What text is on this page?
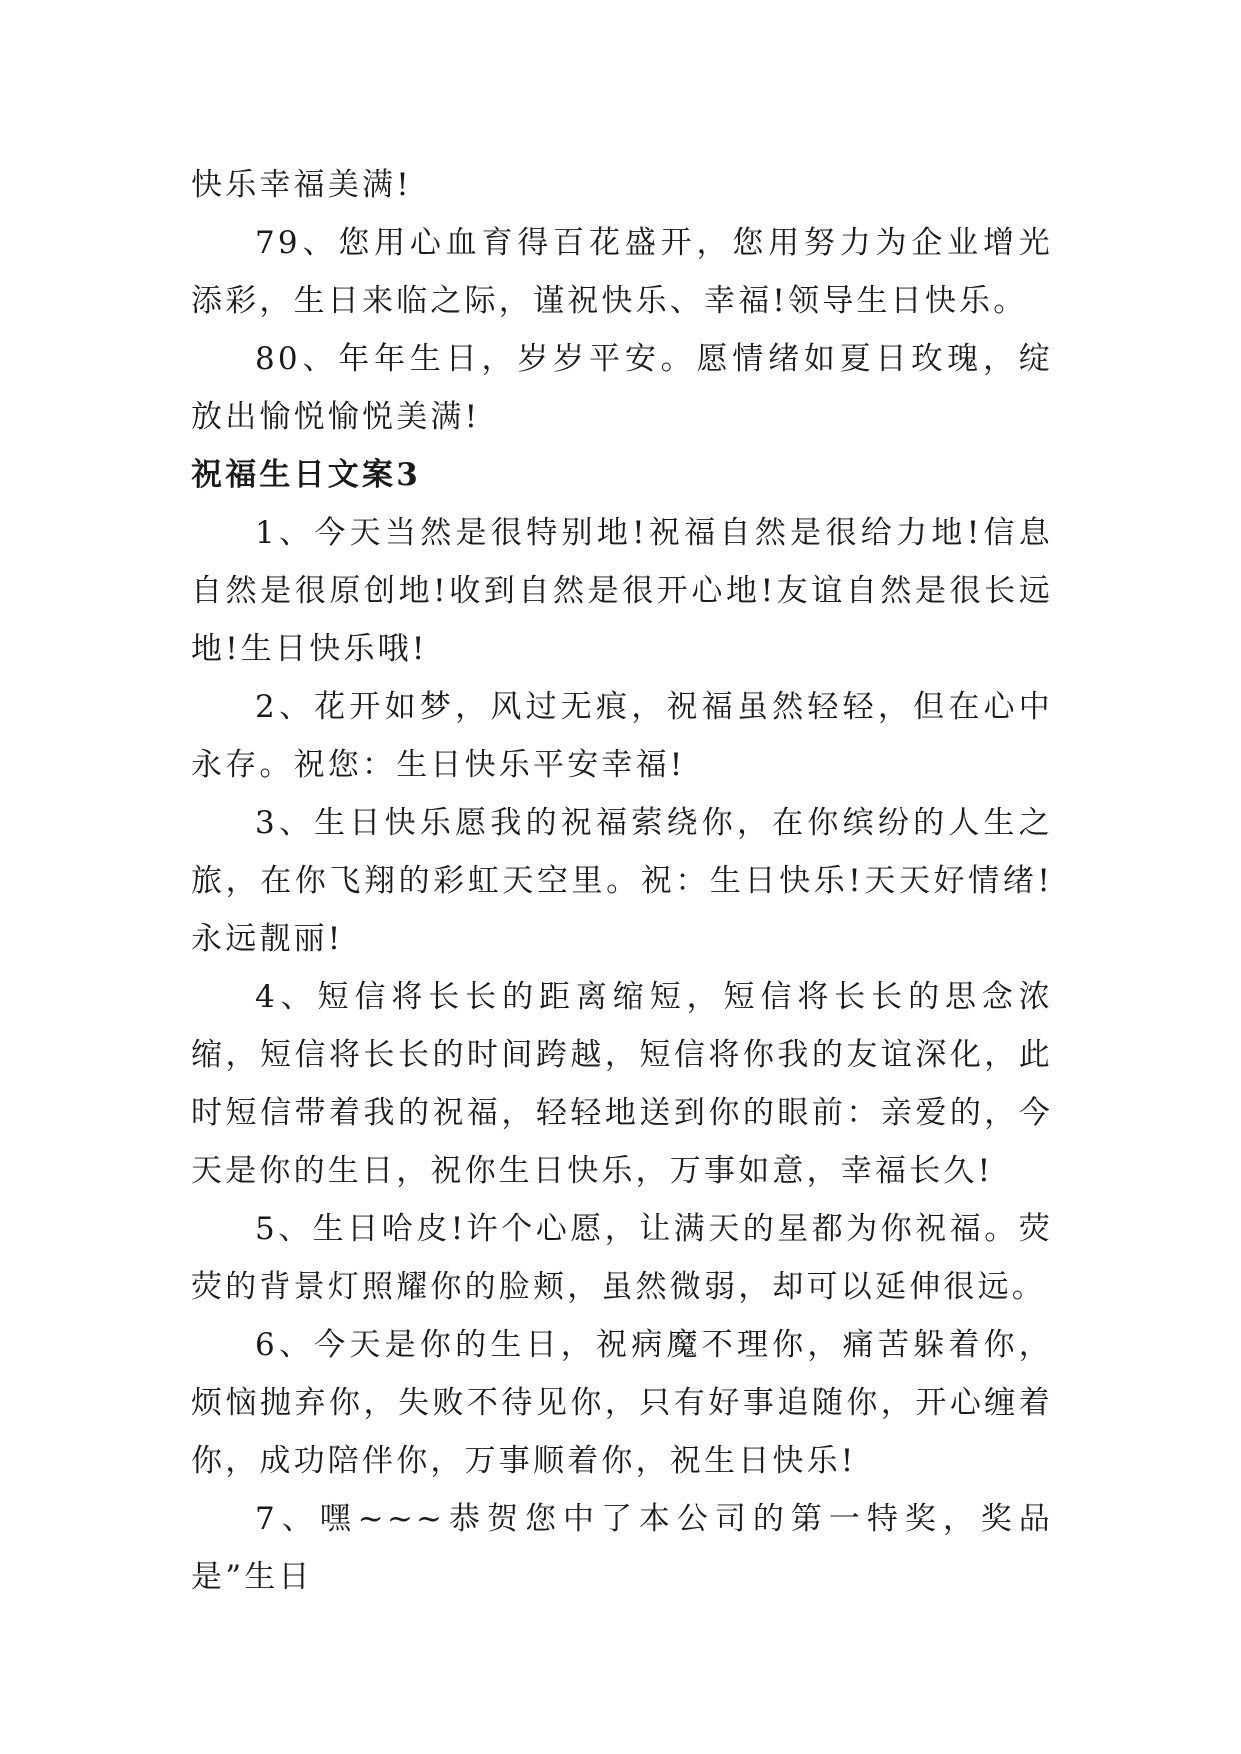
快乐幸福美满!

79、您用心血育得百花盛开，您用努力为企业增光添彩，生日来临之际，谨祝快乐、幸福!领导生日快乐。

80、年年生日，岁岁平安。愿情绪如夏日玫瑰，绽放出愉悦愉悦美满!

祝福生日文案3

1、今天当然是很特别地!祝福自然是很给力地!信息自然是很原创地!收到自然是很开心地!友谊自然是很长远地!生日快乐哦!

2、花开如梦，风过无痕，祝福虽然轻轻，但在心中永存。祝您：生日快乐平安幸福!

3、生日快乐愿我的祝福萦绕你，在你缤纷的人生之旅，在你飞翔的彩虹天空里。祝：生日快乐!天天好情绪!永远靓丽!

4、短信将长长的距离缩短，短信将长长的思念浓缩，短信将长长的时间跨越，短信将你我的友谊深化，此时短信带着我的祝福，轻轻地送到你的眼前：亲爱的，今天是你的生日，祝你生日快乐，万事如意，幸福长久!

5、生日哈皮!许个心愿，让满天的星都为你祝福。荧荧的背景灯照耀你的脸颊，虽然微弱，却可以延伸很远。

6、今天是你的生日，祝病魔不理你，痛苦躲着你，烦恼抛弃你，失败不待见你，只有好事追随你，开心缠着你，成功陪伴你，万事顺着你，祝生日快乐!

7、嘿~~~恭贺您中了本公司的第一特奖，奖品是”生日
